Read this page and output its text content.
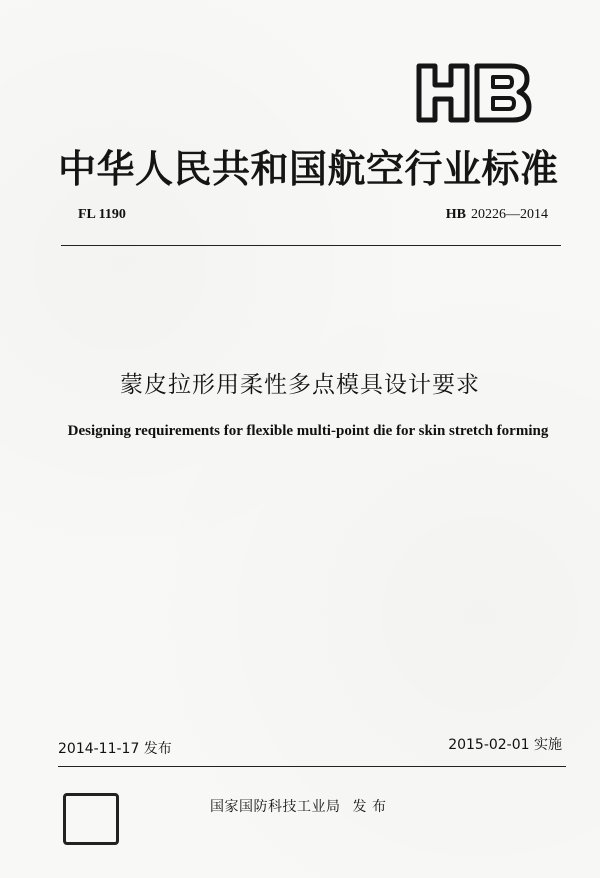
中华人民共和国航空行业标准
FL 1190	HB 20226—2014
蒙皮拉形用柔性多点模具设计要求
Designing requirements for flexible multi-point die for skin stretch forming
2014-11-17 发布	2015-02-01 实施
国家国防科技工业局 发 布
